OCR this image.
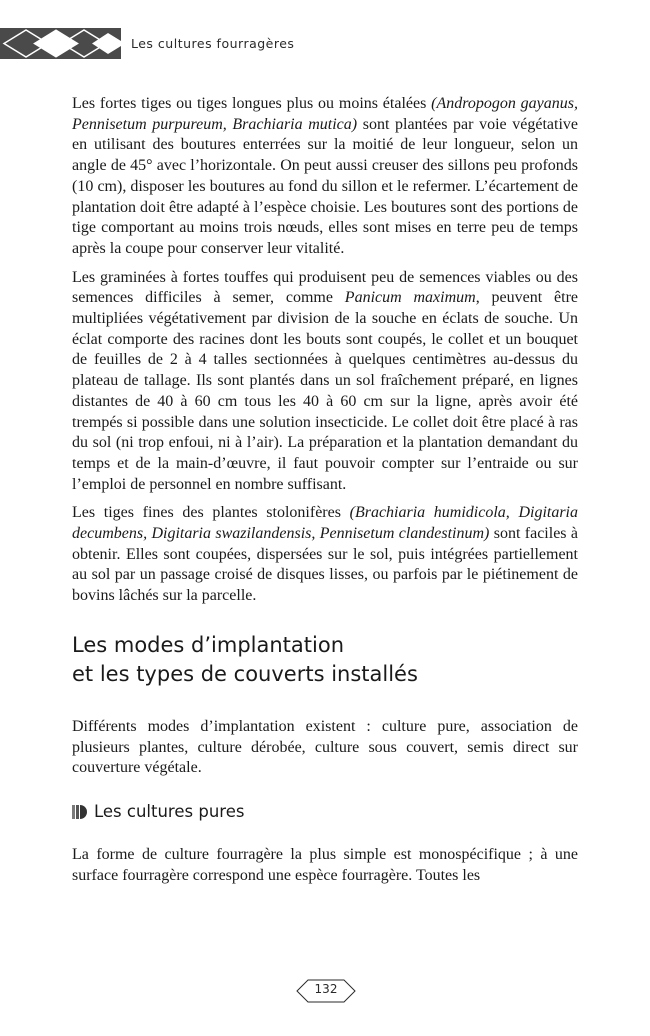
Les cultures fourragères

Les fortes tiges ou tiges longues plus ou moins étalées (Andropogon gayanus, Pennisetum purpureum, Brachiaria mutica) sont plantées par voie végétative en utilisant des boutures enterrées sur la moitié de leur longueur, selon un angle de 45° avec l’horizontale. On peut aussi creuser des sillons peu profonds (10 cm), disposer les boutures au fond du sillon et le refermer. L’écartement de plantation doit être adapté à l’espèce choisie. Les boutures sont des portions de tige comportant au moins trois nœuds, elles sont mises en terre peu de temps après la coupe pour conserver leur vitalité.

Les graminées à fortes touffes qui produisent peu de semences viables ou des semences difficiles à semer, comme Panicum maximum, peuvent être multipliées végétativement par division de la souche en éclats de souche. Un éclat comporte des racines dont les bouts sont coupés, le collet et un bouquet de feuilles de 2 à 4 talles sectionnées à quelques centimètres au-dessus du plateau de tallage. Ils sont plantés dans un sol fraîchement préparé, en lignes distantes de 40 à 60 cm tous les 40 à 60 cm sur la ligne, après avoir été trempés si possible dans une solution insecticide. Le collet doit être placé à ras du sol (ni trop enfoui, ni à l’air). La préparation et la plantation demandant du temps et de la main-d’œuvre, il faut pouvoir compter sur l’entraide ou sur l’emploi de personnel en nombre suffisant.

Les tiges fines des plantes stolonifères (Brachiaria humidicola, Digitaria decumbens, Digitaria swazilandensis, Pennisetum clandestinum) sont faciles à obtenir. Elles sont coupées, dispersées sur le sol, puis intégrées partiellement au sol par un passage croisé de disques lisses, ou parfois par le piétinement de bovins lâchés sur la parcelle.

Les modes d’implantation
et les types de couverts installés

Différents modes d’implantation existent : culture pure, association de plusieurs plantes, culture dérobée, culture sous couvert, semis direct sur couverture végétale.

Les cultures pures

La forme de culture fourragère la plus simple est monospécifique ; à une surface fourragère correspond une espèce fourragère. Toutes les

132
